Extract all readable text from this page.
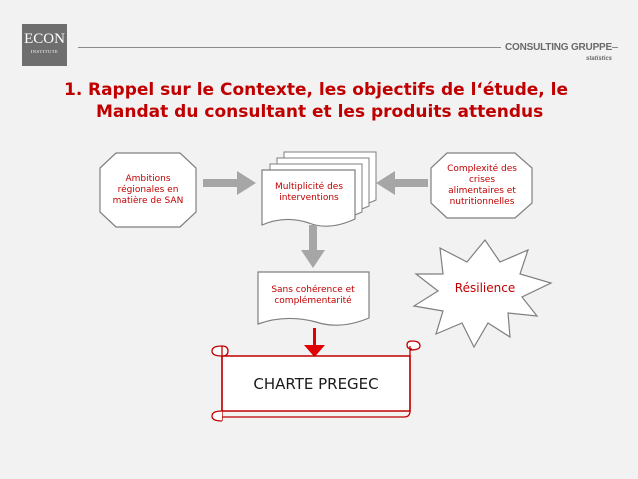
ECON
INSTITUTE	CONSULTING GRUPPE
statistics
1. Rappel sur le Contexte, les objectifs de l‘étude, le
Mandat du consultant et les produits attendus
Ambitions régionales en matière de SAN
Complexité des crises alimentaires et nutritionnelles
Multiplicité des interventions
Sans cohérence et complémentarité
Résilience
CHARTE PREGEC
